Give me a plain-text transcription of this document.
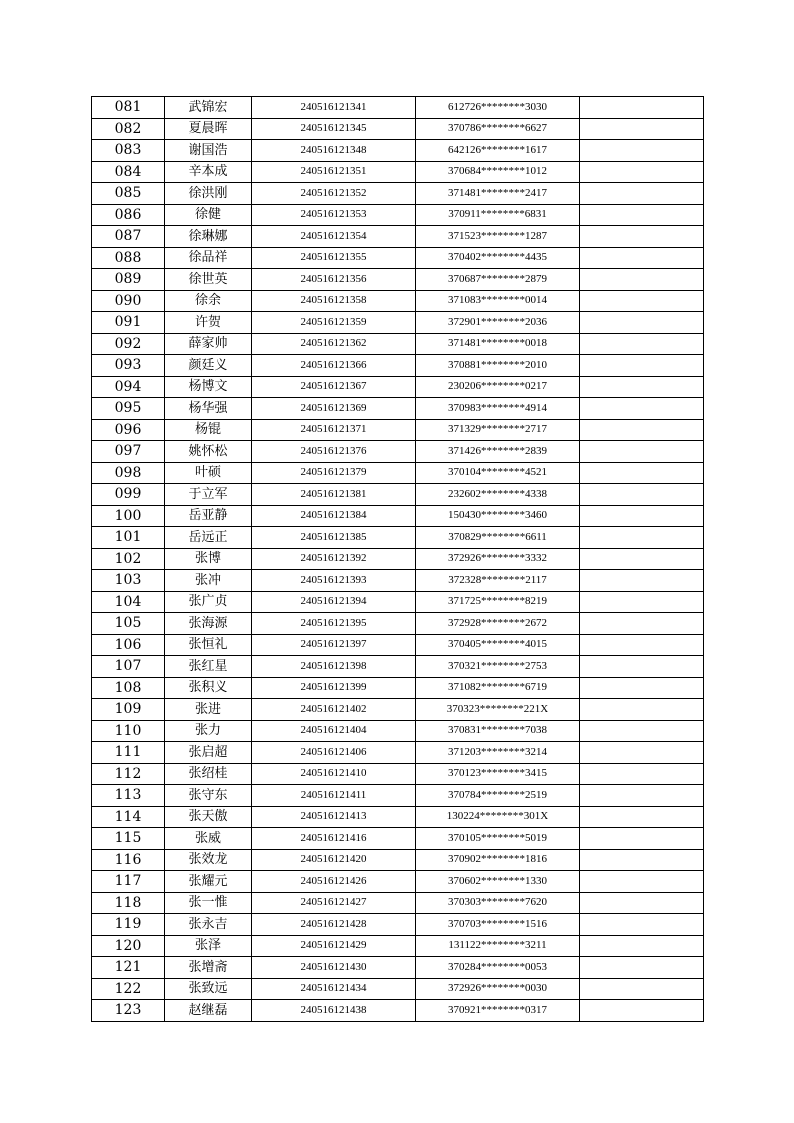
081	武锦宏	240516121341	612726********3030	
082	夏晨晖	240516121345	370786********6627	
083	谢国浩	240516121348	642126********1617	
084	辛本成	240516121351	370684********1012	
085	徐洪刚	240516121352	371481********2417	
086	徐健	240516121353	370911********6831	
087	徐琳娜	240516121354	371523********1287	
088	徐品祥	240516121355	370402********4435	
089	徐世英	240516121356	370687********2879	
090	徐余	240516121358	371083********0014	
091	许贺	240516121359	372901********2036	
092	薛家帅	240516121362	371481********0018	
093	颜廷义	240516121366	370881********2010	
094	杨博文	240516121367	230206********0217	
095	杨华强	240516121369	370983********4914	
096	杨锟	240516121371	371329********2717	
097	姚怀松	240516121376	371426********2839	
098	叶硕	240516121379	370104********4521	
099	于立军	240516121381	232602********4338	
100	岳亚静	240516121384	150430********3460	
101	岳远正	240516121385	370829********6611	
102	张博	240516121392	372926********3332	
103	张冲	240516121393	372328********2117	
104	张广贞	240516121394	371725********8219	
105	张海源	240516121395	372928********2672	
106	张恒礼	240516121397	370405********4015	
107	张红星	240516121398	370321********2753	
108	张积义	240516121399	371082********6719	
109	张进	240516121402	370323********221X	
110	张力	240516121404	370831********7038	
111	张启超	240516121406	371203********3214	
112	张绍桂	240516121410	370123********3415	
113	张守东	240516121411	370784********2519	
114	张天傲	240516121413	130224********301X	
115	张威	240516121416	370105********5019	
116	张效龙	240516121420	370902********1816	
117	张耀元	240516121426	370602********1330	
118	张一惟	240516121427	370303********7620	
119	张永吉	240516121428	370703********1516	
120	张泽	240516121429	131122********3211	
121	张增斋	240516121430	370284********0053	
122	张致远	240516121434	372926********0030	
123	赵继磊	240516121438	370921********0317	
